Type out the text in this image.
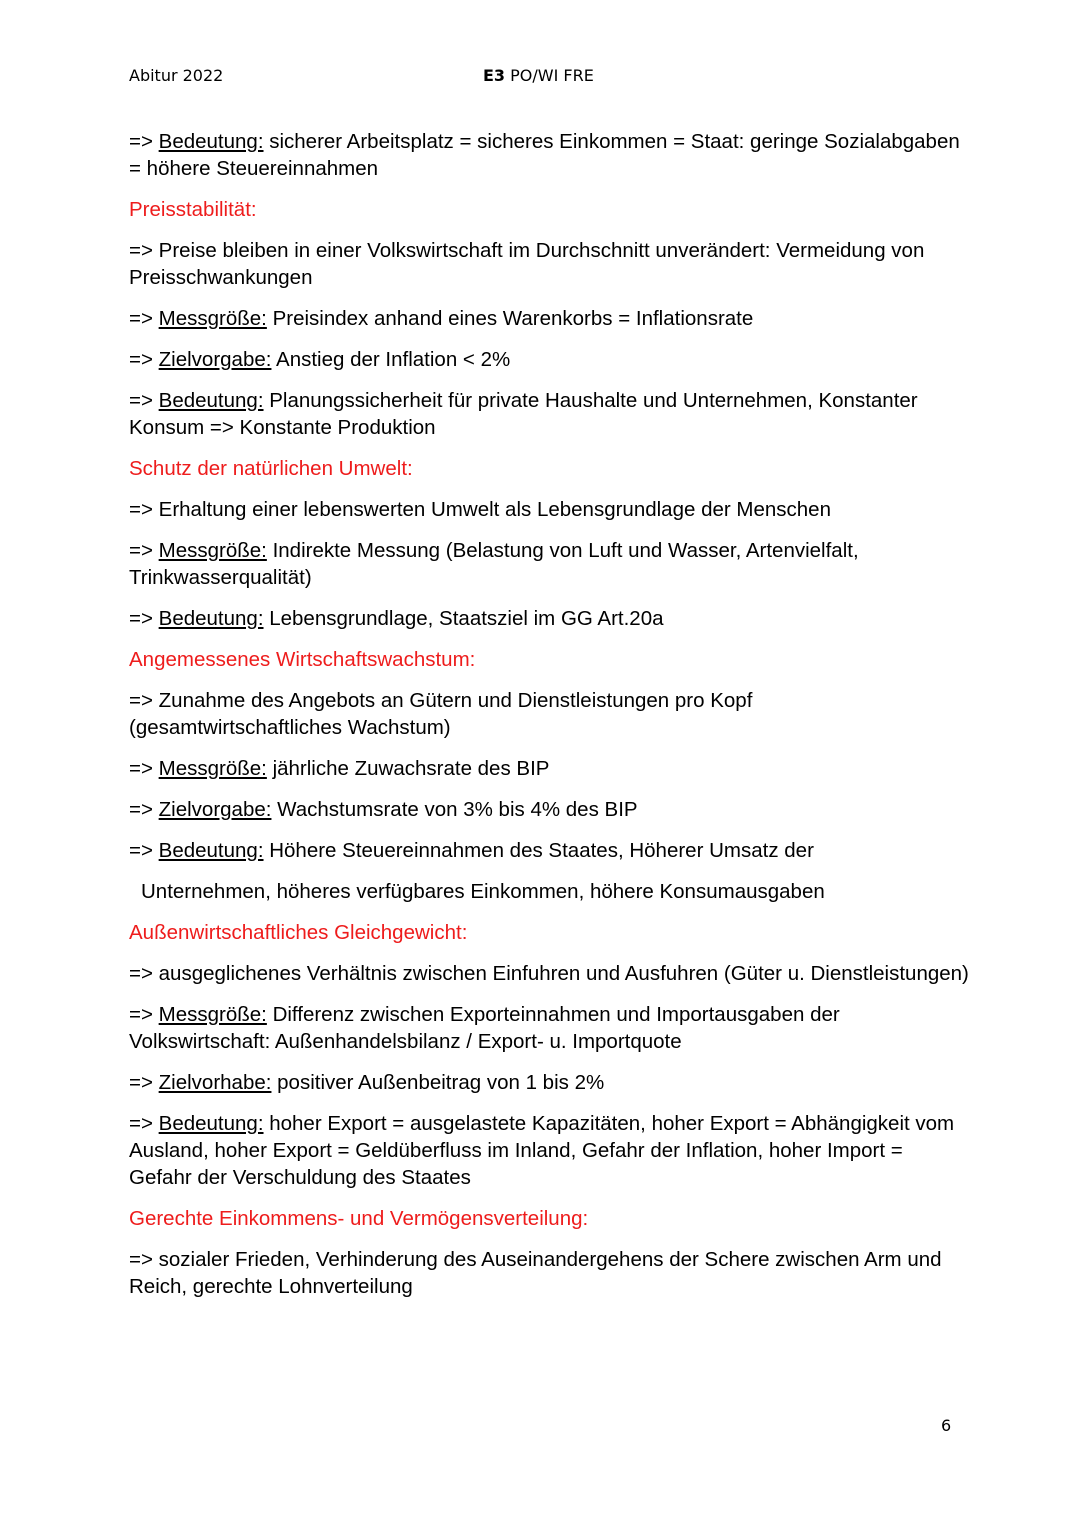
Abitur 2022	E3 PO/WI FRE

=> Bedeutung: sicherer Arbeitsplatz = sicheres Einkommen = Staat: geringe Sozialabgaben = höhere Steuereinnahmen

Preisstabilität:

=> Preise bleiben in einer Volkswirtschaft im Durchschnitt unverändert: Vermeidung von Preisschwankungen

=> Messgröße: Preisindex anhand eines Warenkorbs = Inflationsrate

=> Zielvorgabe: Anstieg der Inflation < 2%

=> Bedeutung: Planungssicherheit für private Haushalte und Unternehmen, Konstanter Konsum => Konstante Produktion

Schutz der natürlichen Umwelt:

=> Erhaltung einer lebenswerten Umwelt als Lebensgrundlage der Menschen

=> Messgröße: Indirekte Messung (Belastung von Luft und Wasser, Artenvielfalt, Trinkwasserqualität)

=> Bedeutung: Lebensgrundlage, Staatsziel im GG Art.20a

Angemessenes Wirtschaftswachstum:

=> Zunahme des Angebots an Gütern und Dienstleistungen pro Kopf (gesamtwirtschaftliches Wachstum)

=> Messgröße: jährliche Zuwachsrate des BIP

=> Zielvorgabe: Wachstumsrate von 3% bis 4% des BIP

=> Bedeutung: Höhere Steuereinnahmen des Staates, Höherer Umsatz der

Unternehmen, höheres verfügbares Einkommen, höhere Konsumausgaben

Außenwirtschaftliches Gleichgewicht:

=> ausgeglichenes Verhältnis zwischen Einfuhren und Ausfuhren (Güter u. Dienstleistungen)

=> Messgröße: Differenz zwischen Exporteinnahmen und Importausgaben der Volkswirtschaft: Außenhandelsbilanz / Export- u. Importquote

=> Zielvorhabe: positiver Außenbeitrag von 1 bis 2%

=> Bedeutung: hoher Export = ausgelastete Kapazitäten, hoher Export = Abhängigkeit vom Ausland, hoher Export = Geldüberfluss im Inland, Gefahr der Inflation, hoher Import = Gefahr der Verschuldung des Staates

Gerechte Einkommens- und Vermögensverteilung:

=> sozialer Frieden, Verhinderung des Auseinandergehens der Schere zwischen Arm und Reich, gerechte Lohnverteilung

6
